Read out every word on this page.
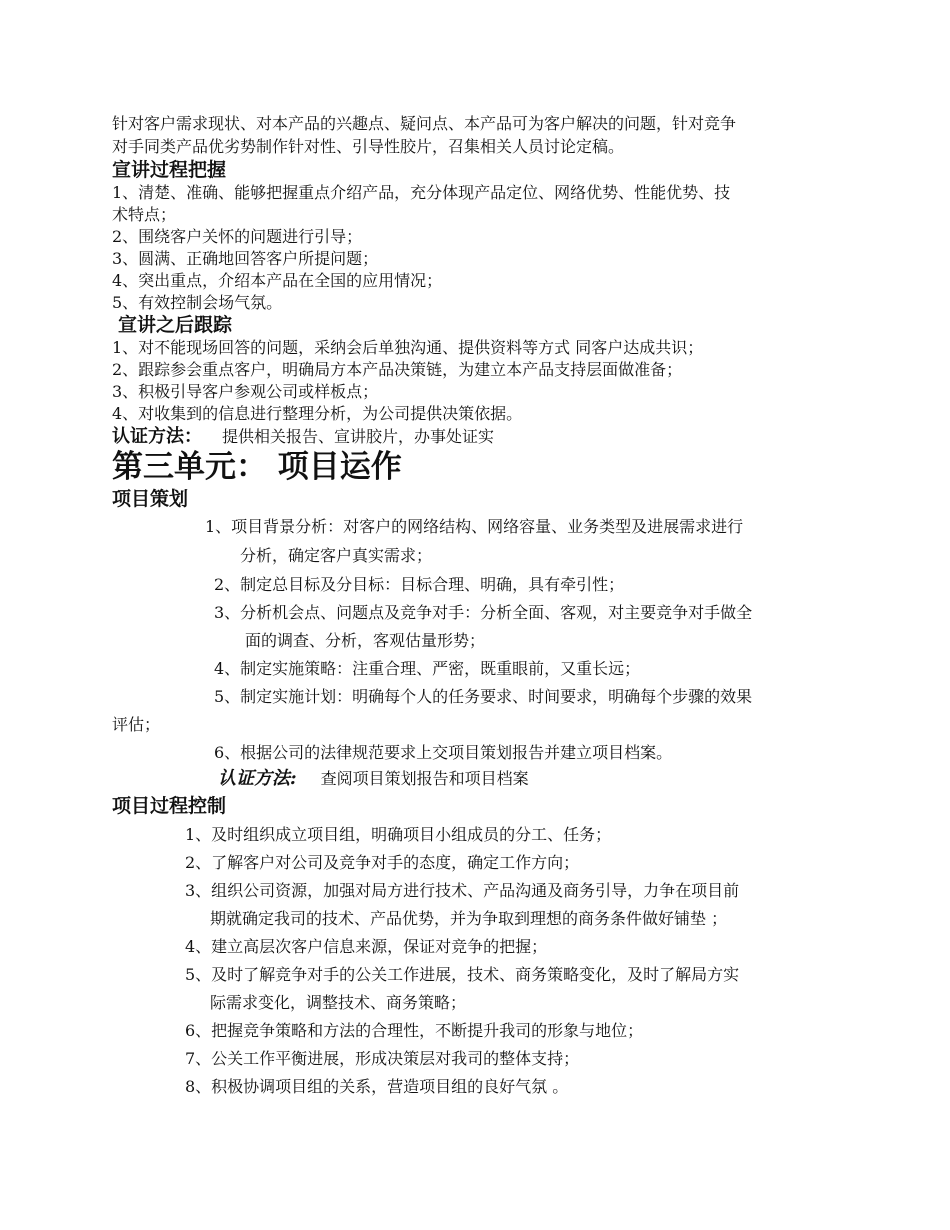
针对客户需求现状、对本产品的兴趣点、疑问点、本产品可为客户解决的问题，针对竞争
对手同类产品优劣势制作针对性、引导性胶片，召集相关人员讨论定稿。
宣讲过程把握
1、清楚、准确、能够把握重点介绍产品，充分体现产品定位、网络优势、性能优势、技
术特点；
2、围绕客户关怀的问题进行引导；
3、圆满、正确地回答客户所提问题；
4、突出重点，介绍本产品在全国的应用情况；
5、有效控制会场气氛。
宣讲之后跟踪
1、对不能现场回答的问题，采纳会后单独沟通、提供资料等方式 同客户达成共识；
2、跟踪参会重点客户，明确局方本产品决策链，为建立本产品支持层面做准备；
3、积极引导客户参观公司或样板点；
4、对收集到的信息进行整理分析，为公司提供决策依据。
认证方法： 提供相关报告、宣讲胶片，办事处证实
第三单元： 项目运作
项目策划
1、项目背景分析：对客户的网络结构、网络容量、业务类型及进展需求进行
分析，确定客户真实需求；
2、制定总目标及分目标：目标合理、明确，具有牵引性；
3、分析机会点、问题点及竞争对手：分析全面、客观，对主要竞争对手做全
面的调查、分析，客观估量形势；
4、制定实施策略：注重合理、严密，既重眼前，又重长远；
5、制定实施计划：明确每个人的任务要求、时间要求，明确每个步骤的效果
评估；
6、根据公司的法律规范要求上交项目策划报告并建立项目档案。
认证方法: 查阅项目策划报告和项目档案
项目过程控制
1、及时组织成立项目组，明确项目小组成员的分工、任务；
2、了解客户对公司及竞争对手的态度，确定工作方向；
3、组织公司资源，加强对局方进行技术、产品沟通及商务引导，力争在项目前
期就确定我司的技术、产品优势，并为争取到理想的商务条件做好铺垫 ；
4、建立高层次客户信息来源，保证对竞争的把握；
5、及时了解竞争对手的公关工作进展，技术、商务策略变化，及时了解局方实
际需求变化，调整技术、商务策略；
6、把握竞争策略和方法的合理性，不断提升我司的形象与地位；
7、公关工作平衡进展，形成决策层对我司的整体支持；
8、积极协调项目组的关系，营造项目组的良好气氛 。
